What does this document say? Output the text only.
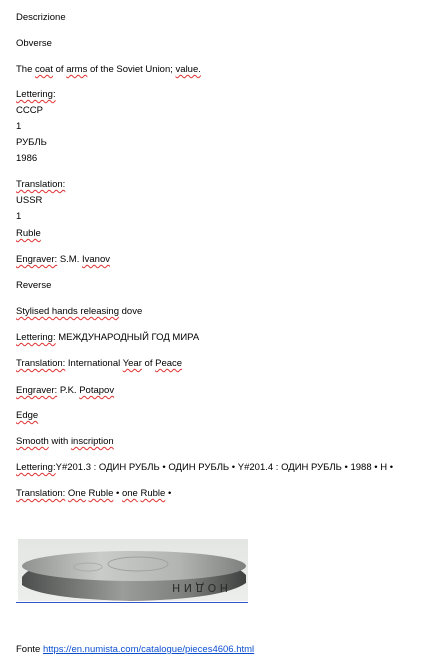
Descrizione
Obverse
The coat of arms of the Soviet Union; value.
Lettering:
СССР
1
РУБЛЬ
1986
Translation:
USSR
1
Ruble
Engraver: S.M. Ivanov
Reverse
Stylised hands releasing dove
Lettering: МЕЖДУНАРОДНЫЙ ГОД МИРА
Translation: International Year of Peace
Engraver: P.K. Potapov
Edge
Smooth with inscription
Lettering:Y#201.3 : ОДИН РУБЛЬ • ОДИН РУБЛЬ • Y#201.4 : ОДИН РУБЛЬ • 1988 • Н •
Translation: One Ruble • one Ruble •
Н О Д И Н
Fonte https://en.numista.com/catalogue/pieces4606.html
